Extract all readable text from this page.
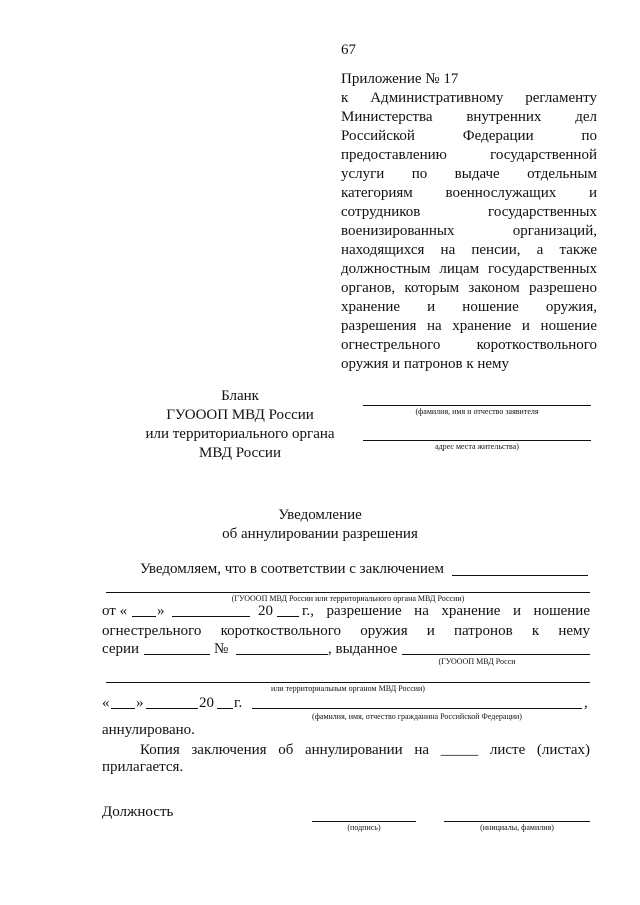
67
Приложение № 17
к Административному регламенту
Министерства внутренних дел
Российской Федерации по
предоставлению государственной
услуги по выдаче отдельным
категориям военнослужащих и
сотрудников государственных
военизированных организаций,
находящихся на пенсии, а также
должностным лицам государственных
органов, которым законом разрешено
хранение и ношение оружия,
разрешения на хранение и ношение
огнестрельного короткоствольного
оружия и патронов к нему
Бланк
ГУОООП МВД России
или территориального органа
МВД России
(фамилия, имя и отчество заявителя
адрес места жительства)
Уведомление
об аннулировании разрешения
Уведомляем, что в соответствии с заключением
(ГУОООП МВД России или территориального органа МВД России)
от « »	20 г., разрешение на хранение и ношение
огнестрельного короткоствольного оружия и патронов к нему
серии	№	, выданное
(ГУОООП МВД Росси
или территориальным органом МВД России)
« »	20 г.	,
(фамилия, имя, отчество гражданина Российской Федерации)
аннулировано.
Копия заключения об аннулировании на _____ листе (листах)
прилагается.
Должность
(подпись)	(инициалы, фамилия)
